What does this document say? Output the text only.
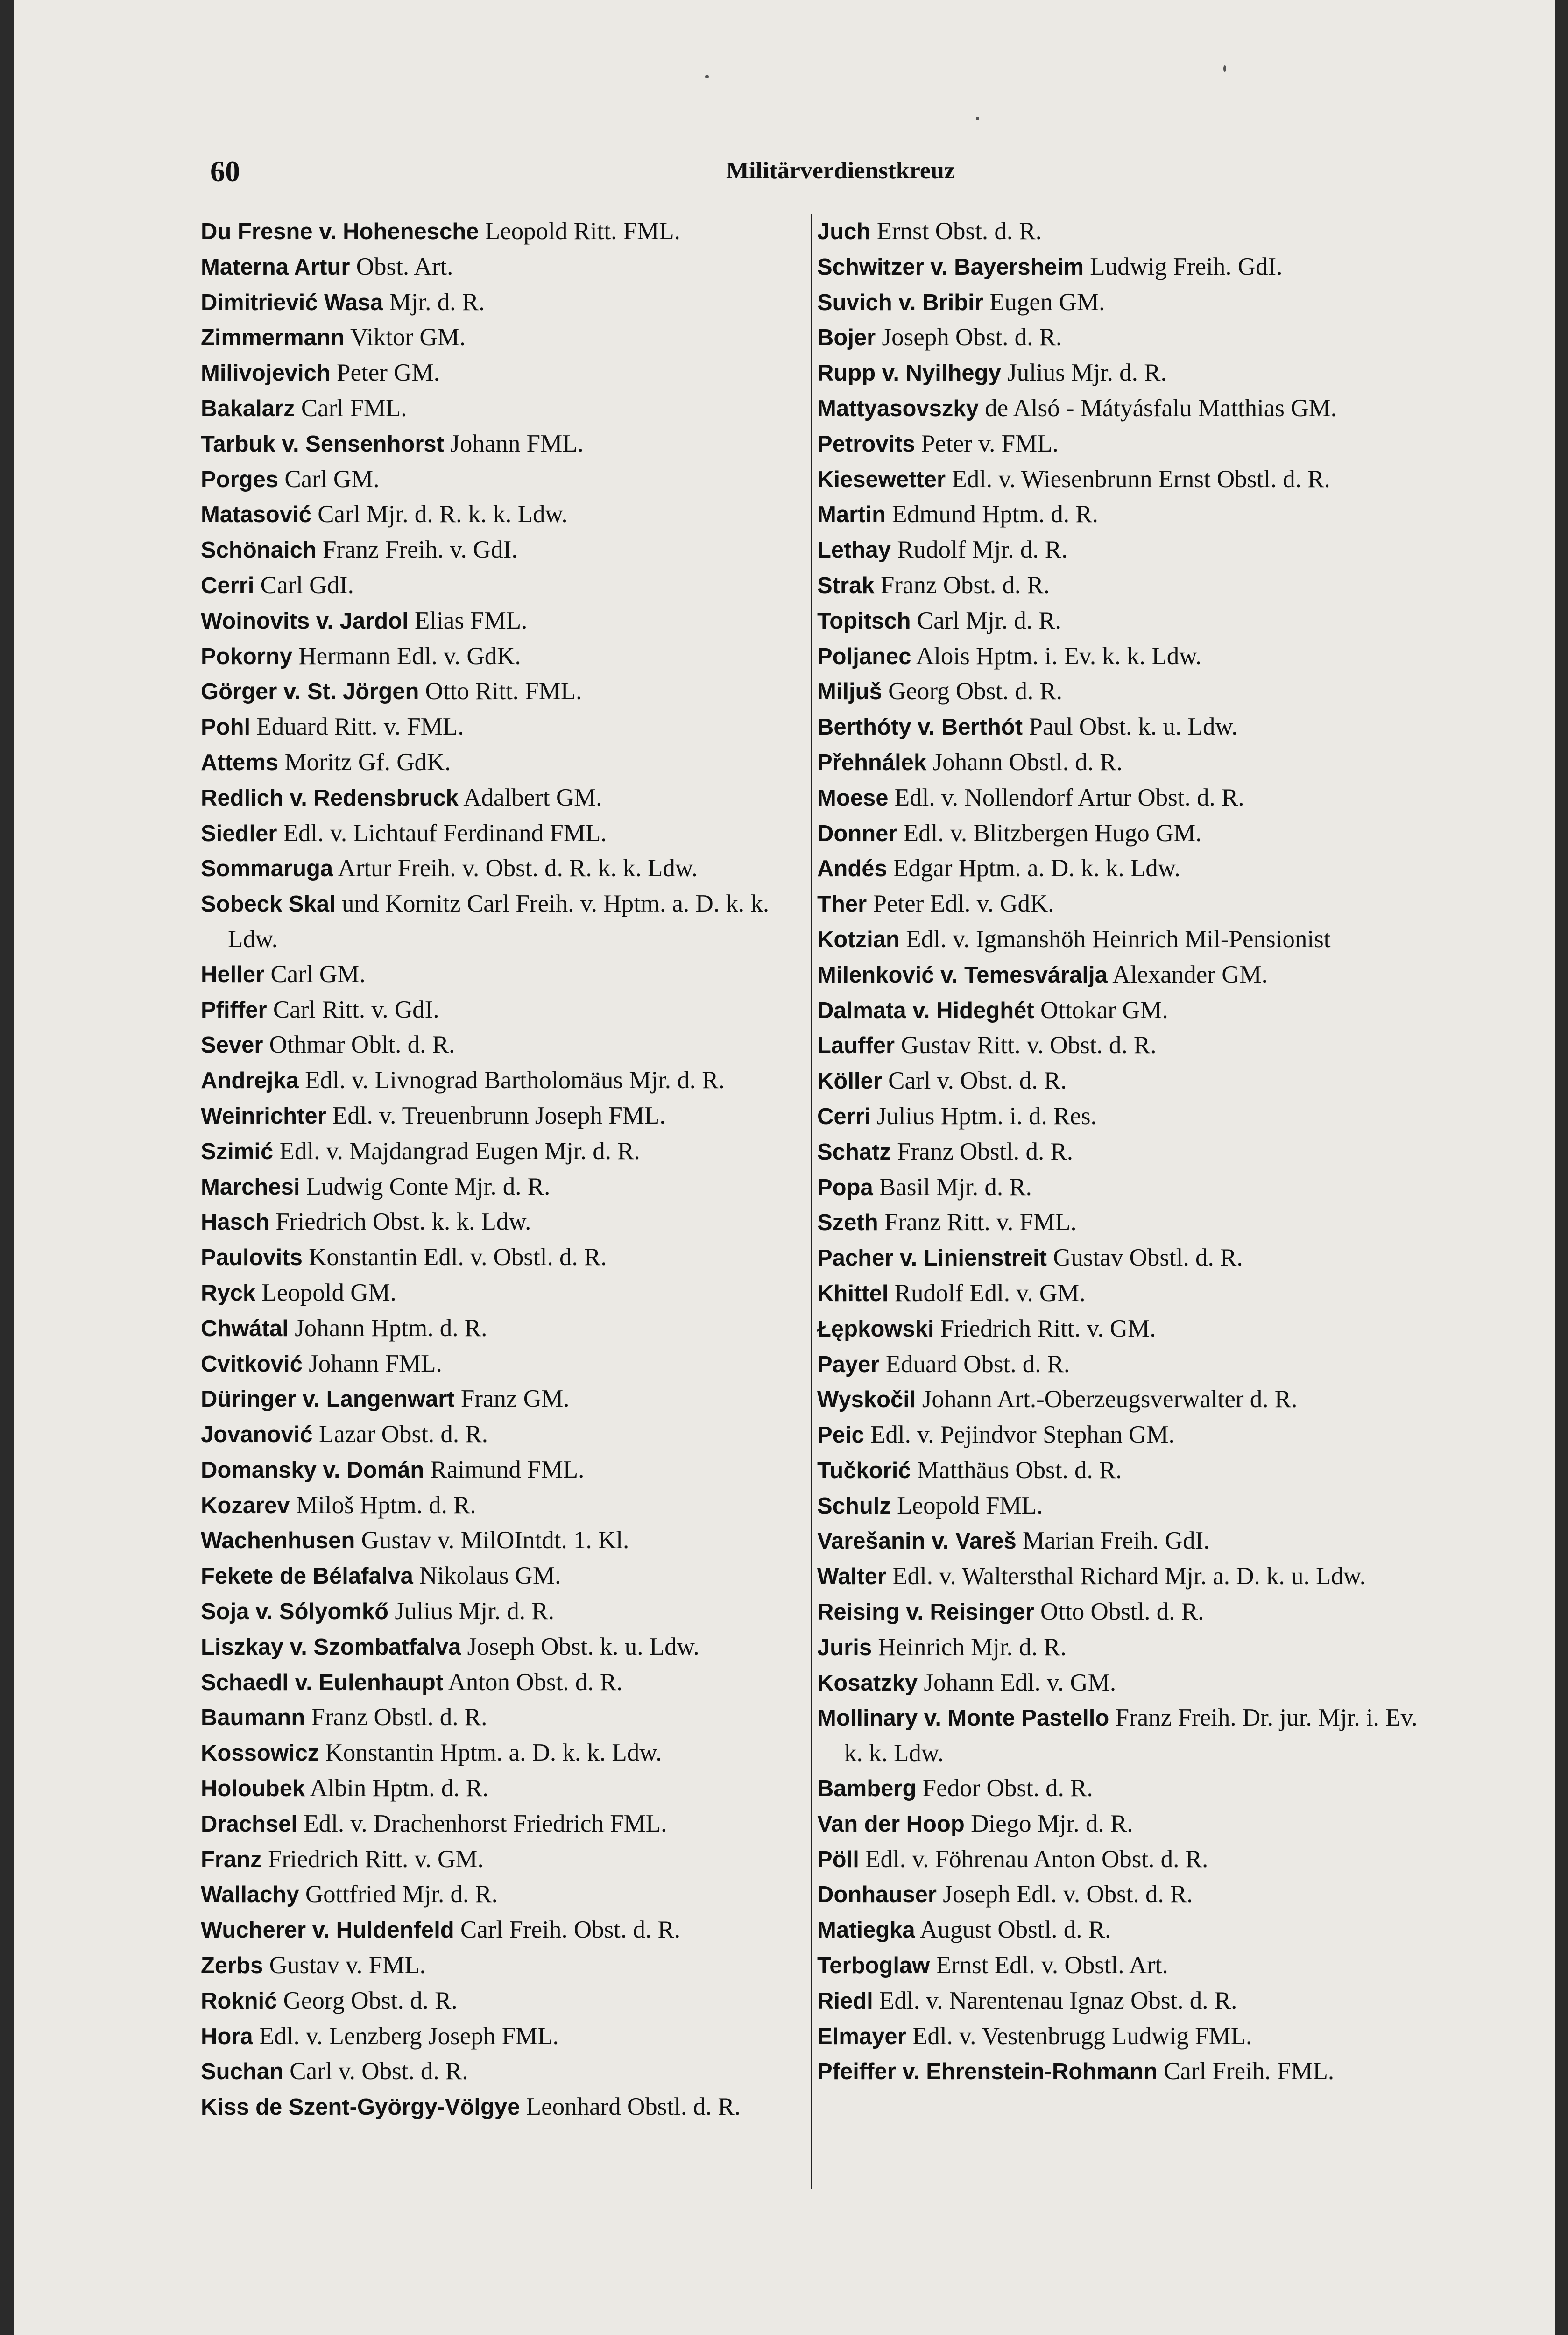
60	Militärverdienstkreuz
Du Fresne v. Hohenesche Leopold Ritt. FML.
Materna Artur Obst. Art.
Dimitriević Wasa Mjr. d. R.
Zimmermann Viktor GM.
Milivojevich Peter GM.
Bakalarz Carl FML.
Tarbuk v. Sensenhorst Johann FML.
Porges Carl GM.
Matasović Carl Mjr. d. R. k. k. Ldw.
Schönaich Franz Freih. v. GdI.
Cerri Carl GdI.
Woinovits v. Jardol Elias FML.
Pokorny Hermann Edl. v. GdK.
Görger v. St. Jörgen Otto Ritt. FML.
Pohl Eduard Ritt. v. FML.
Attems Moritz Gf. GdK.
Redlich v. Redensbruck Adalbert GM.
Siedler Edl. v. Lichtauf Ferdinand FML.
Sommaruga Artur Freih. v. Obst. d. R. k. k. Ldw.
Sobeck Skal und Kornitz Carl Freih. v. Hptm. a. D. k. k. Ldw.
Heller Carl GM.
Pfiffer Carl Ritt. v. GdI.
Sever Othmar Oblt. d. R.
Andrejka Edl. v. Livnograd Bartholomäus Mjr. d. R.
Weinrichter Edl. v. Treuenbrunn Joseph FML.
Szimić Edl. v. Majdangrad Eugen Mjr. d. R.
Marchesi Ludwig Conte Mjr. d. R.
Hasch Friedrich Obst. k. k. Ldw.
Paulovits Konstantin Edl. v. Obstl. d. R.
Ryck Leopold GM.
Chwátal Johann Hptm. d. R.
Cvitković Johann FML.
Düringer v. Langenwart Franz GM.
Jovanović Lazar Obst. d. R.
Domansky v. Domán Raimund FML.
Kozarev Miloš Hptm. d. R.
Wachenhusen Gustav v. MilOIntdt. 1. Kl.
Fekete de Bélafalva Nikolaus GM.
Soja v. Sólyomkő Julius Mjr. d. R.
Liszkay v. Szombatfalva Joseph Obst. k. u. Ldw.
Schaedl v. Eulenhaupt Anton Obst. d. R.
Baumann Franz Obstl. d. R.
Kossowicz Konstantin Hptm. a. D. k. k. Ldw.
Holoubek Albin Hptm. d. R.
Drachsel Edl. v. Drachenhorst Friedrich FML.
Franz Friedrich Ritt. v. GM.
Wallachy Gottfried Mjr. d. R.
Wucherer v. Huldenfeld Carl Freih. Obst. d. R.
Zerbs Gustav v. FML.
Roknić Georg Obst. d. R.
Hora Edl. v. Lenzberg Joseph FML.
Suchan Carl v. Obst. d. R.
Kiss de Szent-György-Völgye Leonhard Obstl. d. R.
Juch Ernst Obst. d. R.
Schwitzer v. Bayersheim Ludwig Freih. GdI.
Suvich v. Bribir Eugen GM.
Bojer Joseph Obst. d. R.
Rupp v. Nyilhegy Julius Mjr. d. R.
Mattyasovszky de Alsó - Mátyásfalu Matthias GM.
Petrovits Peter v. FML.
Kiesewetter Edl. v. Wiesenbrunn Ernst Obstl. d. R.
Martin Edmund Hptm. d. R.
Lethay Rudolf Mjr. d. R.
Strak Franz Obst. d. R.
Topitsch Carl Mjr. d. R.
Poljanec Alois Hptm. i. Ev. k. k. Ldw.
Miljuš Georg Obst. d. R.
Berthóty v. Berthót Paul Obst. k. u. Ldw.
Přehnálek Johann Obstl. d. R.
Moese Edl. v. Nollendorf Artur Obst. d. R.
Donner Edl. v. Blitzbergen Hugo GM.
Andés Edgar Hptm. a. D. k. k. Ldw.
Ther Peter Edl. v. GdK.
Kotzian Edl. v. Igmanshöh Heinrich Mil-Pensionist
Milenković v. Temesváralja Alexander GM.
Dalmata v. Hideghét Ottokar GM.
Lauffer Gustav Ritt. v. Obst. d. R.
Köller Carl v. Obst. d. R.
Cerri Julius Hptm. i. d. Res.
Schatz Franz Obstl. d. R.
Popa Basil Mjr. d. R.
Szeth Franz Ritt. v. FML.
Pacher v. Linienstreit Gustav Obstl. d. R.
Khittel Rudolf Edl. v. GM.
Łępkowski Friedrich Ritt. v. GM.
Payer Eduard Obst. d. R.
Wyskočil Johann Art.-Oberzeugsverwalter d. R.
Peic Edl. v. Pejindvor Stephan GM.
Tučkorić Matthäus Obst. d. R.
Schulz Leopold FML.
Varešanin v. Vareš Marian Freih. GdI.
Walter Edl. v. Waltersthal Richard Mjr. a. D. k. u. Ldw.
Reising v. Reisinger Otto Obstl. d. R.
Juris Heinrich Mjr. d. R.
Kosatzky Johann Edl. v. GM.
Mollinary v. Monte Pastello Franz Freih. Dr. jur. Mjr. i. Ev. k. k. Ldw.
Bamberg Fedor Obst. d. R.
Van der Hoop Diego Mjr. d. R.
Pöll Edl. v. Föhrenau Anton Obst. d. R.
Donhauser Joseph Edl. v. Obst. d. R.
Matiegka August Obstl. d. R.
Terboglaw Ernst Edl. v. Obstl. Art.
Riedl Edl. v. Narentenau Ignaz Obst. d. R.
Elmayer Edl. v. Vestenbrugg Ludwig FML.
Pfeiffer v. Ehrenstein-Rohmann Carl Freih. FML.
